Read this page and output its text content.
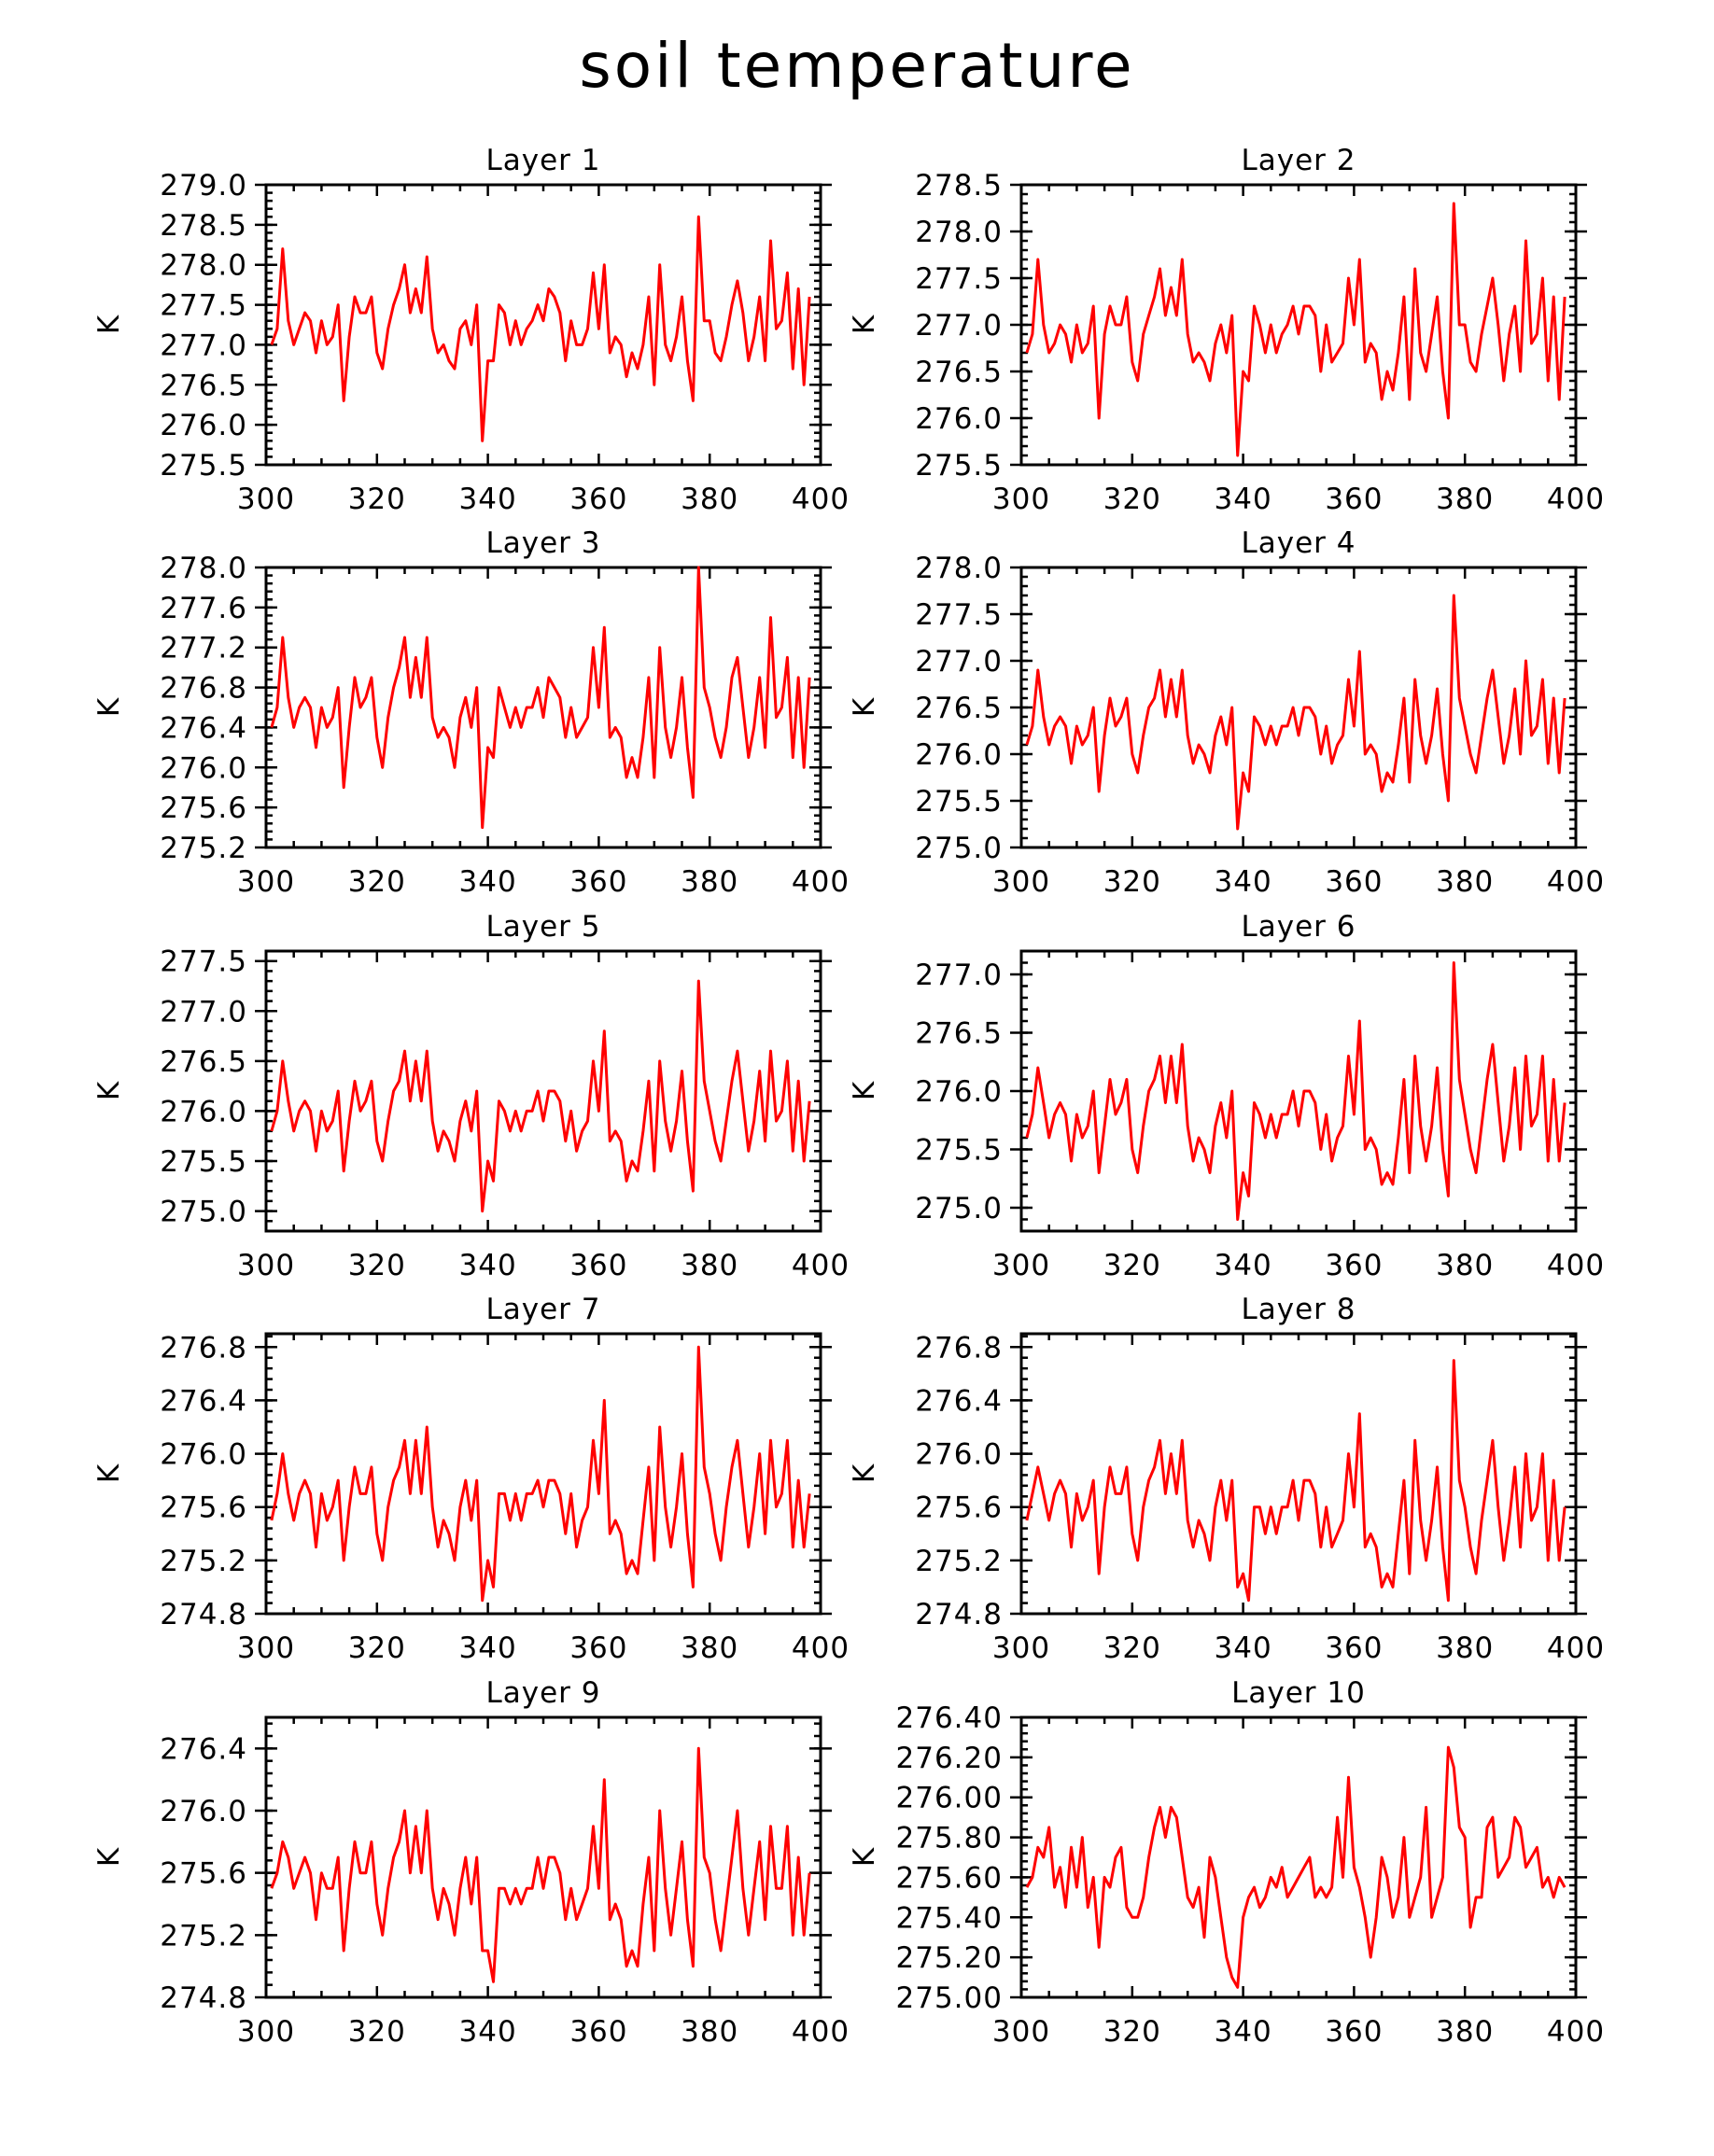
soil temperature
Layer 1
300 320 340 360 380 400
275.5
276.0
276.5
277.0
277.5
278.0
278.5
279.0
K
Layer 2
300 320 340 360 380 400
275.5
276.0
276.5
277.0
277.5
278.0
278.5
K
Layer 3
300 320 340 360 380 400
275.2
275.6
276.0
276.4
276.8
277.2
277.6
278.0
K
Layer 4
300 320 340 360 380 400
275.0
275.5
276.0
276.5
277.0
277.5
278.0
K
Layer 5
300 320 340 360 380 400
275.0
275.5
276.0
276.5
277.0
277.5
K
Layer 6
300 320 340 360 380 400
275.0
275.5
276.0
276.5
277.0
K
Layer 7
300 320 340 360 380 400
274.8
275.2
275.6
276.0
276.4
276.8
K
Layer 8
300 320 340 360 380 400
274.8
275.2
275.6
276.0
276.4
276.8
K
Layer 9
300 320 340 360 380 400
274.8
275.2
275.6
276.0
276.4
K
Layer 10
300 320 340 360 380 400
275.00
275.20
275.40
275.60
275.80
276.00
276.20
276.40
K
